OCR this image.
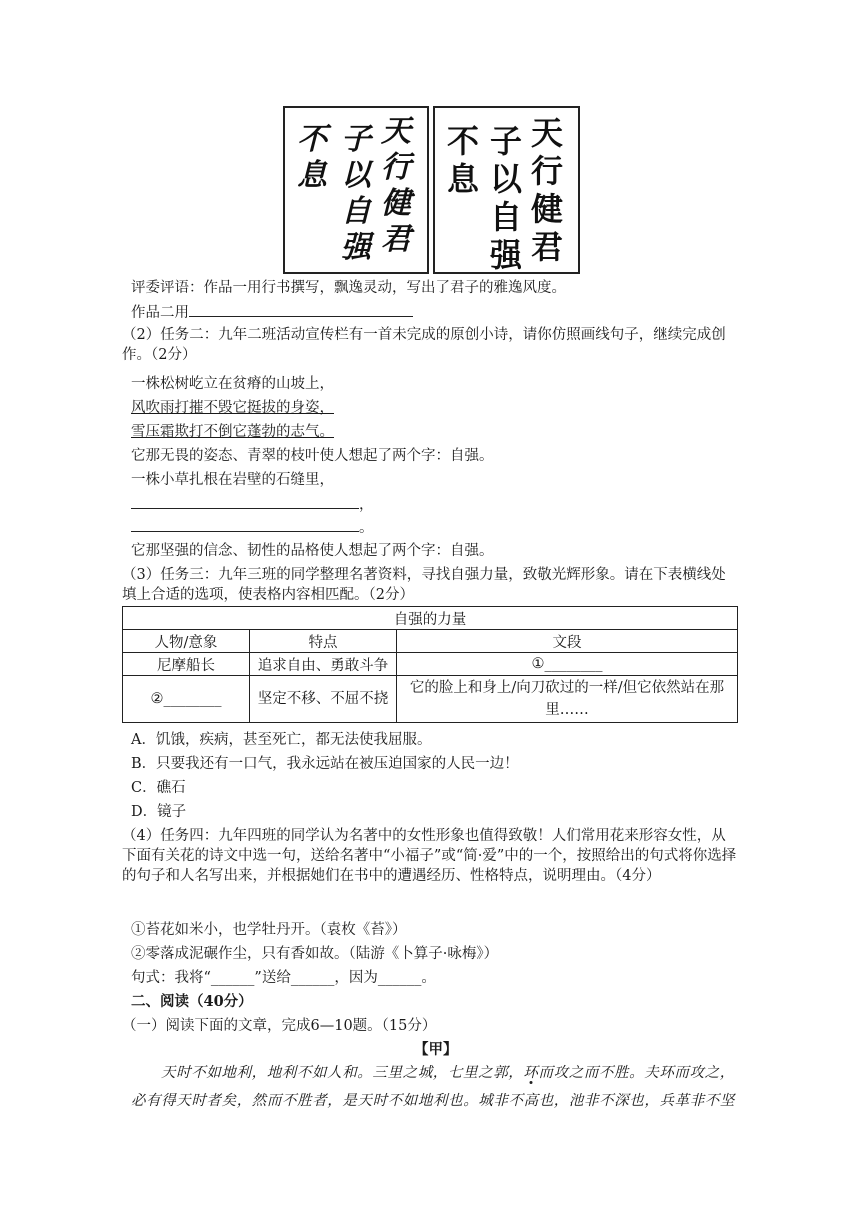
天
行
健
君
子
以
自
强
不
息
天
行
健
君
子
以
自
强
不
息
评委评语：作品一用行书撰写，飘逸灵动，写出了君子的雅逸风度。
作品二用
（2）任务二：九年二班活动宣传栏有一首未完成的原创小诗，请你仿照画线句子，继续完成创作。（2分）
一株松树屹立在贫瘠的山坡上，
风吹雨打摧不毁它挺拔的身姿，
雪压霜欺打不倒它蓬勃的志气。
它那无畏的姿态、青翠的枝叶使人想起了两个字：自强。
一株小草扎根在岩壁的石缝里，
，
。
它那坚强的信念、韧性的品格使人想起了两个字：自强。
（3）任务三：九年三班的同学整理名著资料，寻找自强力量，致敬光辉形象。请在下表横线处填上合适的选项，使表格内容相匹配。（2分）
自强的力量		
人物/意象	特点	文段
尼摩船长	追求自由、勇敢斗争	①________
②________	坚定不移、不屈不挠	它的脸上和身上/向刀砍过的一样/但它依然站在那里……
A．饥饿，疾病，甚至死亡，都无法使我屈服。
B．只要我还有一口气，我永远站在被压迫国家的人民一边！
C．礁石
D．镜子
（4）任务四：九年四班的同学认为名著中的女性形象也值得致敬！人们常用花来形容女性，从下面有关花的诗文中选一句，送给名著中“小福子”或“简·爱”中的一个，按照给出的句式将你选择的句子和人名写出来，并根据她们在书中的遭遇经历、性格特点，说明理由。（4分）
①苔花如米小，也学牡丹开。（袁枚《苔》）
②零落成泥碾作尘，只有香如故。（陆游《卜算子·咏梅》）
句式：我将“______”送给______，因为______。
二、阅读（40分）
（一）阅读下面的文章，完成6—10题。（15分）
【甲】
天时不如地利，地利不如人和。三里之城，七里之郭，环而攻之而不胜。夫环而攻之，
必有得天时者矣，然而不胜者，是天时不如地利也。城非不高也，池非不深也，兵革非不坚
